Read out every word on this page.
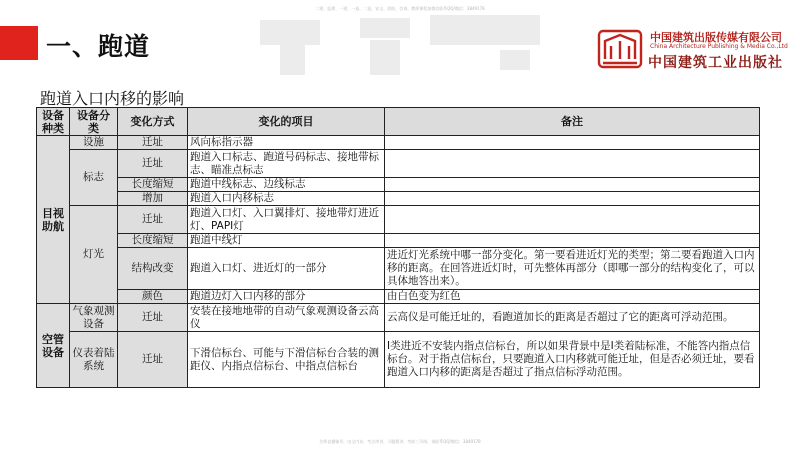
二建、监理、一建、一造、二造、安全、消防、咨询、教师课程加微信联系QQ/微信：3849178
一、跑道	中国建筑出版传媒有限公司
China Architecture Publishing & Media Co.,Ltd
中国建筑工业出版社
跑道入口内移的影响
设备种类	设备分类	变化方式	变化的项目	备注
目视助航	设施	迁址	风向标指示器	
	标志	迁址	跑道入口标志、跑道号码标志、接地带标志、瞄准点标志	
		长度缩短	跑道中线标志、边线标志	
		增加	跑道入口内移标志	
	灯光	迁址	跑道入口灯、入口翼排灯、接地带灯进近灯、PAPI灯	
		长度缩短	跑道中线灯	
		结构改变	跑道入口灯、进近灯的一部分	进近灯光系统中哪一部分变化。第一要看进近灯光的类型；第二要看跑道入口内移的距离。在回答进近灯时，可先整体再部分（即哪一部分的结构变化了，可以具体地答出来）。
		颜色	跑道边灯入口内移的部分	由白色变为红色
空管设备	气象观测设备	迁址	安装在接地地带的自动气象观测设备云高仪	云高仪是可能迁址的，看跑道加长的距离是否超过了它的距离可浮动范围。
	仪表着陆系统	迁址	下滑信标台、可能与下滑信标台合装的测距仪、内指点信标台、中指点信标台	I类进近不安装内指点信标台，所以如果背景中是I类着陆标准，不能答内指点信标台。对于指点信标台，只要跑道入口内移就可能迁址，但是否必须迁址，要看跑道入口内移的距离是否超过了指点信标浮动范围。
名师直播辅导，由全内访，考点串讲，习题精讲，考前三页纸，请联系QQ/微信：3849178
